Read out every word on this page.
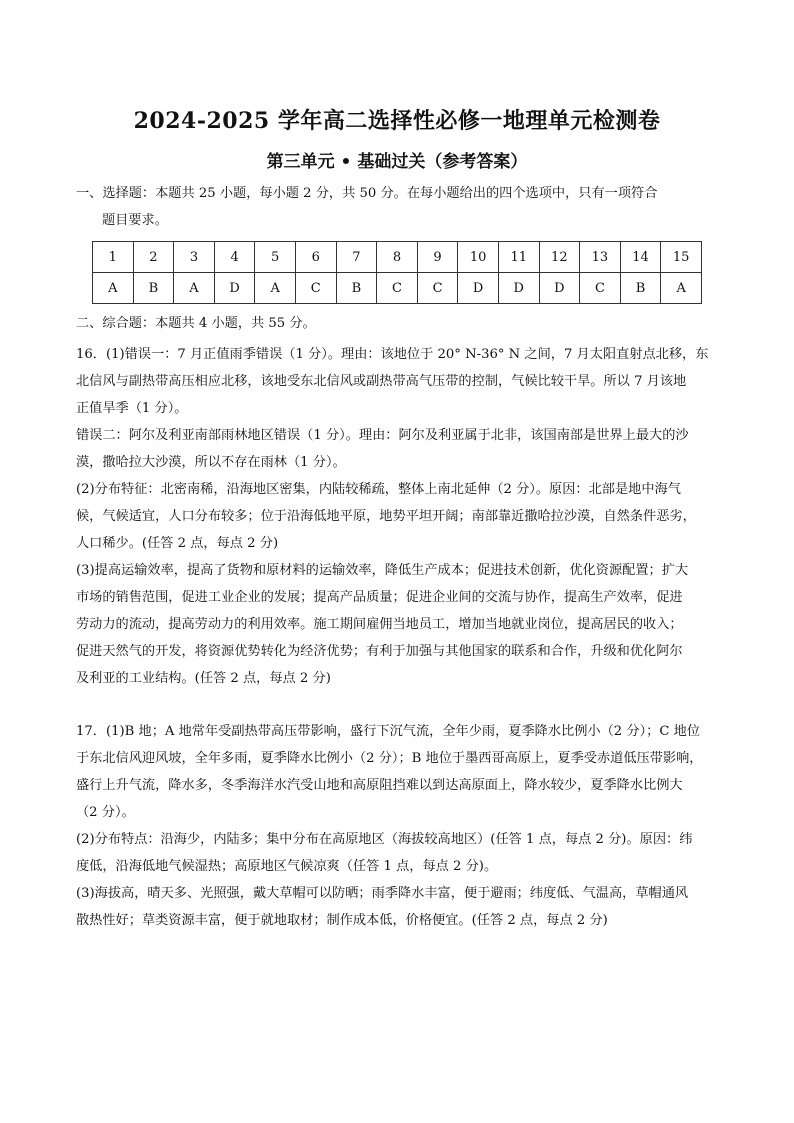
2024-2025 学年高二选择性必修一地理单元检测卷
第三单元 • 基础过关（参考答案）
一、选择题：本题共 25 小题，每小题 2 分，共 50 分。在每小题给出的四个选项中，只有一项符合
题目要求。
1	2	3	4	5	6	7	8	9	10	11	12	13	14	15
A	B	A	D	A	C	B	C	C	D	D	D	C	B	A
二、综合题：本题共 4 小题，共 55 分。
16．(1)错误一：7 月正值雨季错误（1 分）。理由：该地位于 20° N-36° N 之间，7 月太阳直射点北移，东
北信风与副热带高压相应北移，该地受东北信风或副热带高气压带的控制，气候比较干旱。所以 7 月该地
正值旱季（1 分）。
错误二：阿尔及利亚南部雨林地区错误（1 分）。理由：阿尔及利亚属于北非，该国南部是世界上最大的沙
漠，撒哈拉大沙漠，所以不存在雨林（1 分）。
(2)分布特征：北密南稀，沿海地区密集，内陆较稀疏，整体上南北延伸（2 分）。原因：北部是地中海气
候，气候适宜，人口分布较多；位于沿海低地平原，地势平坦开阔；南部靠近撒哈拉沙漠，自然条件恶劣，
人口稀少。(任答 2 点，每点 2 分)
(3)提高运输效率，提高了货物和原材料的运输效率，降低生产成本；促进技术创新，优化资源配置；扩大
市场的销售范围，促进工业企业的发展；提高产品质量；促进企业间的交流与协作，提高生产效率，促进
劳动力的流动，提高劳动力的利用效率。施工期间雇佣当地员工，增加当地就业岗位，提高居民的收入；
促进天然气的开发，将资源优势转化为经济优势；有利于加强与其他国家的联系和合作，升级和优化阿尔
及利亚的工业结构。(任答 2 点，每点 2 分)
17．(1)B 地；A 地常年受副热带高压带影响，盛行下沉气流，全年少雨，夏季降水比例小（2 分）；C 地位
于东北信风迎风坡，全年多雨，夏季降水比例小（2 分）；B 地位于墨西哥高原上，夏季受赤道低压带影响，
盛行上升气流，降水多，冬季海洋水汽受山地和高原阻挡难以到达高原面上，降水较少，夏季降水比例大
（2 分）。
(2)分布特点：沿海少，内陆多；集中分布在高原地区（海拔较高地区）(任答 1 点，每点 2 分)。原因：纬
度低，沿海低地气候湿热；高原地区气候凉爽（任答 1 点，每点 2 分)。
(3)海拔高，晴天多、光照强，戴大草帽可以防晒；雨季降水丰富，便于避雨；纬度低、气温高，草帽通风
散热性好；草类资源丰富，便于就地取材；制作成本低，价格便宜。(任答 2 点，每点 2 分)
